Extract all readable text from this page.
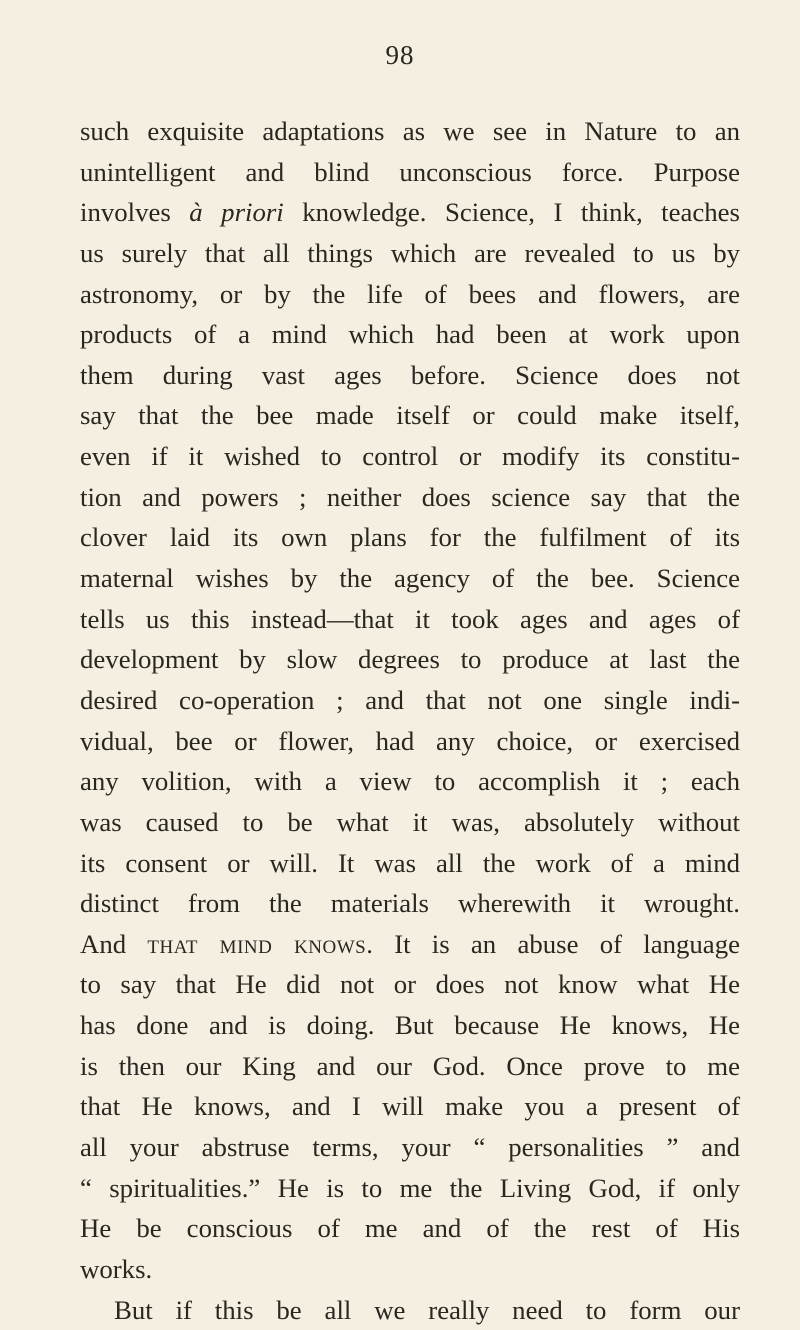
98
such exquisite adaptations as we see in Nature to an
unintelligent and blind unconscious force. Purpose
involves à priori knowledge. Science, I think, teaches
us surely that all things which are revealed to us by
astronomy, or by the life of bees and flowers, are
products of a mind which had been at work upon
them during vast ages before. Science does not
say that the bee made itself or could make itself,
even if it wished to control or modify its constitu-
tion and powers ; neither does science say that the
clover laid its own plans for the fulfilment of its
maternal wishes by the agency of the bee. Science
tells us this instead—that it took ages and ages of
development by slow degrees to produce at last the
desired co-operation ; and that not one single indi-
vidual, bee or flower, had any choice, or exercised
any volition, with a view to accomplish it ; each
was caused to be what it was, absolutely without
its consent or will. It was all the work of a mind
distinct from the materials wherewith it wrought.
And that mind knows. It is an abuse of language
to say that He did not or does not know what He
has done and is doing. But because He knows, He
is then our King and our God. Once prove to me
that He knows, and I will make you a present of
all your abstruse terms, your “ personalities ” and
“ spiritualities.” He is to me the Living God, if only
He be conscious of me and of the rest of His
works.
But if this be all we really need to form our
